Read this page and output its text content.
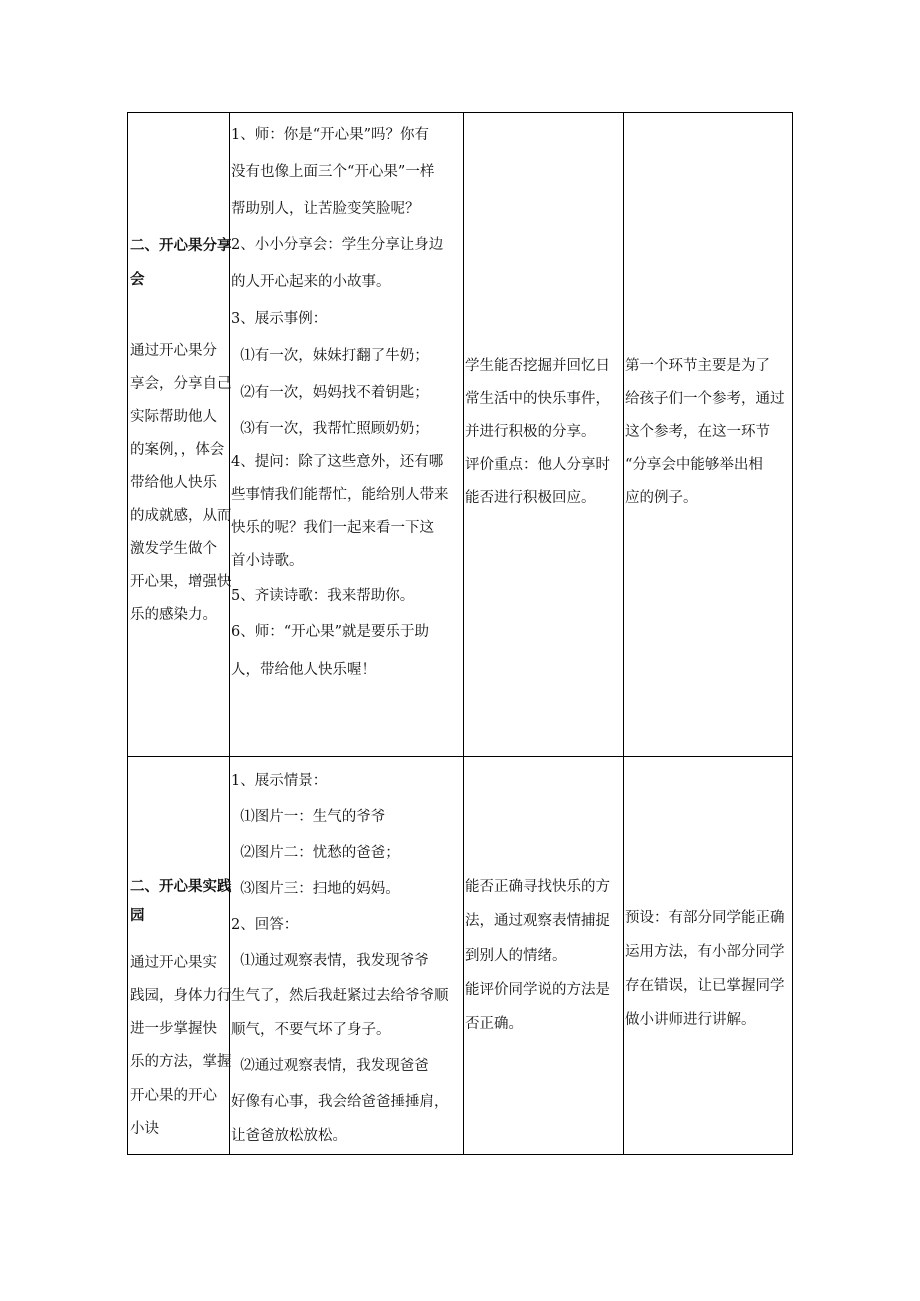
二、开心果分享
会
通过开心果分
享会，分享自己
实际帮助他人
的案例，，体会
带给他人快乐
的成就感，从而
激发学生做个
开心果，增强快
乐的感染力。
1、师：你是“开心果”吗？你有
没有也像上面三个“开心果”一样
帮助别人，让苦脸变笑脸呢？
2、小小分享会：学生分享让身边
的人开心起来的小故事。
3、展示事例：
⑴有一次，妹妹打翻了牛奶；
⑵有一次，妈妈找不着钥匙；
⑶有一次，我帮忙照顾奶奶；
4、提问：除了这些意外，还有哪
些事情我们能帮忙，能给别人带来
快乐的呢？我们一起来看一下这
首小诗歌。
5、齐读诗歌：我来帮助你。
6、师：“开心果”就是要乐于助
人，带给他人快乐喔！
学生能否挖掘并回忆日
常生活中的快乐事件，
并进行积极的分享。
评价重点：他人分享时
能否进行积极回应。
第一个环节主要是为了
给孩子们一个参考，通过
这个参考，在这一环节
“分享会中能够举出相
应的例子。
二、开心果实践
园
通过开心果实
践园，身体力行
进一步掌握快
乐的方法，掌握
开心果的开心
小诀
1、展示情景：
⑴图片一：生气的爷爷
⑵图片二：忧愁的爸爸；
⑶图片三：扫地的妈妈。
2、回答：
⑴通过观察表情，我发现爷爷
生气了，然后我赶紧过去给爷爷顺
顺气，不要气坏了身子。
⑵通过观察表情，我发现爸爸
好像有心事，我会给爸爸捶捶肩，
让爸爸放松放松。
能否正确寻找快乐的方
法，通过观察表情捕捉
到别人的情绪。
能评价同学说的方法是
否正确。
预设：有部分同学能正确
运用方法，有小部分同学
存在错误，让已掌握同学
做小讲师进行讲解。
